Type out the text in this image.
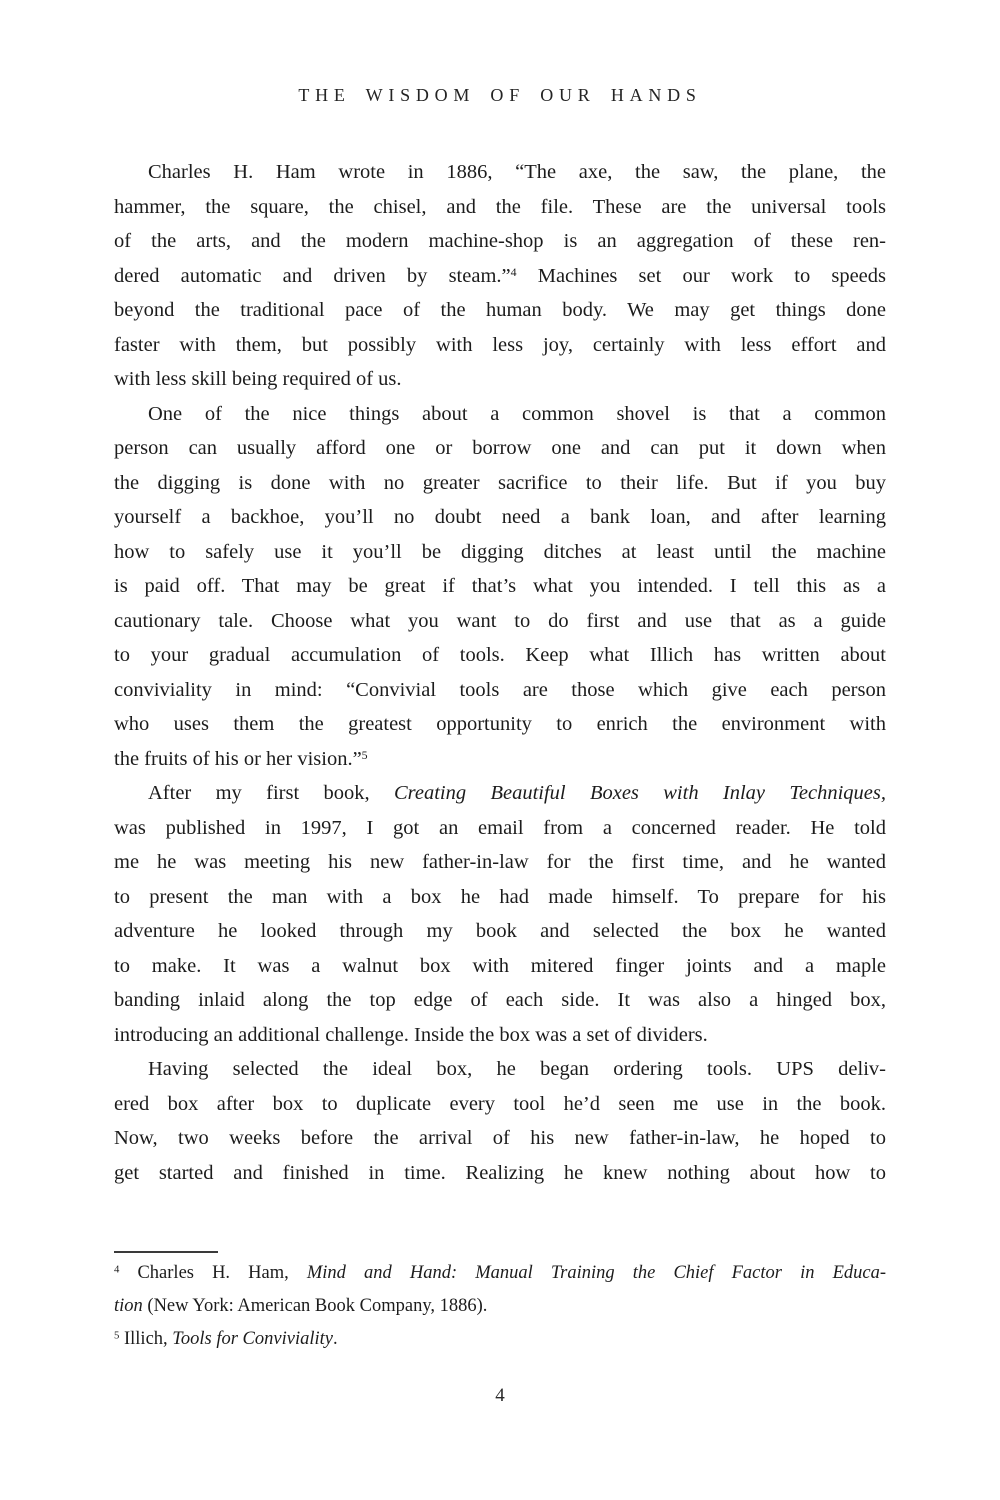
THE WISDOM OF OUR HANDS
Charles H. Ham wrote in 1886, “The axe, the saw, the plane, the
hammer, the square, the chisel, and the file. These are the universal tools
of the arts, and the modern machine-shop is an aggregation of these ren-
dered automatic and driven by steam.”$^4$ Machines set our work to speeds
beyond the traditional pace of the human body. We may get things done
faster with them, but possibly with less joy, certainly with less effort and
with less skill being required of us.
One of the nice things about a common shovel is that a common
person can usually afford one or borrow one and can put it down when
the digging is done with no greater sacrifice to their life. But if you buy
yourself a backhoe, you’ll no doubt need a bank loan, and after learning
how to safely use it you’ll be digging ditches at least until the machine
is paid off. That may be great if that’s what you intended. I tell this as a
cautionary tale. Choose what you want to do first and use that as a guide
to your gradual accumulation of tools. Keep what Illich has written about
conviviality in mind: “Convivial tools are those which give each person
who uses them the greatest opportunity to enrich the environment with
the fruits of his or her vision.”$^5$
After my first book, Creating Beautiful Boxes with Inlay Techniques,
was published in 1997, I got an email from a concerned reader. He told
me he was meeting his new father-in-law for the first time, and he wanted
to present the man with a box he had made himself. To prepare for his
adventure he looked through my book and selected the box he wanted
to make. It was a walnut box with mitered finger joints and a maple
banding inlaid along the top edge of each side. It was also a hinged box,
introducing an additional challenge. Inside the box was a set of dividers.
Having selected the ideal box, he began ordering tools. UPS deliv-
ered box after box to duplicate every tool he’d seen me use in the book.
Now, two weeks before the arrival of his new father-in-law, he hoped to
get started and finished in time. Realizing he knew nothing about how to
$^4$ Charles H. Ham, Mind and Hand: Manual Training the Chief Factor in Educa-
tion (New York: American Book Company, 1886).
$^5$ Illich, Tools for Conviviality.
4
